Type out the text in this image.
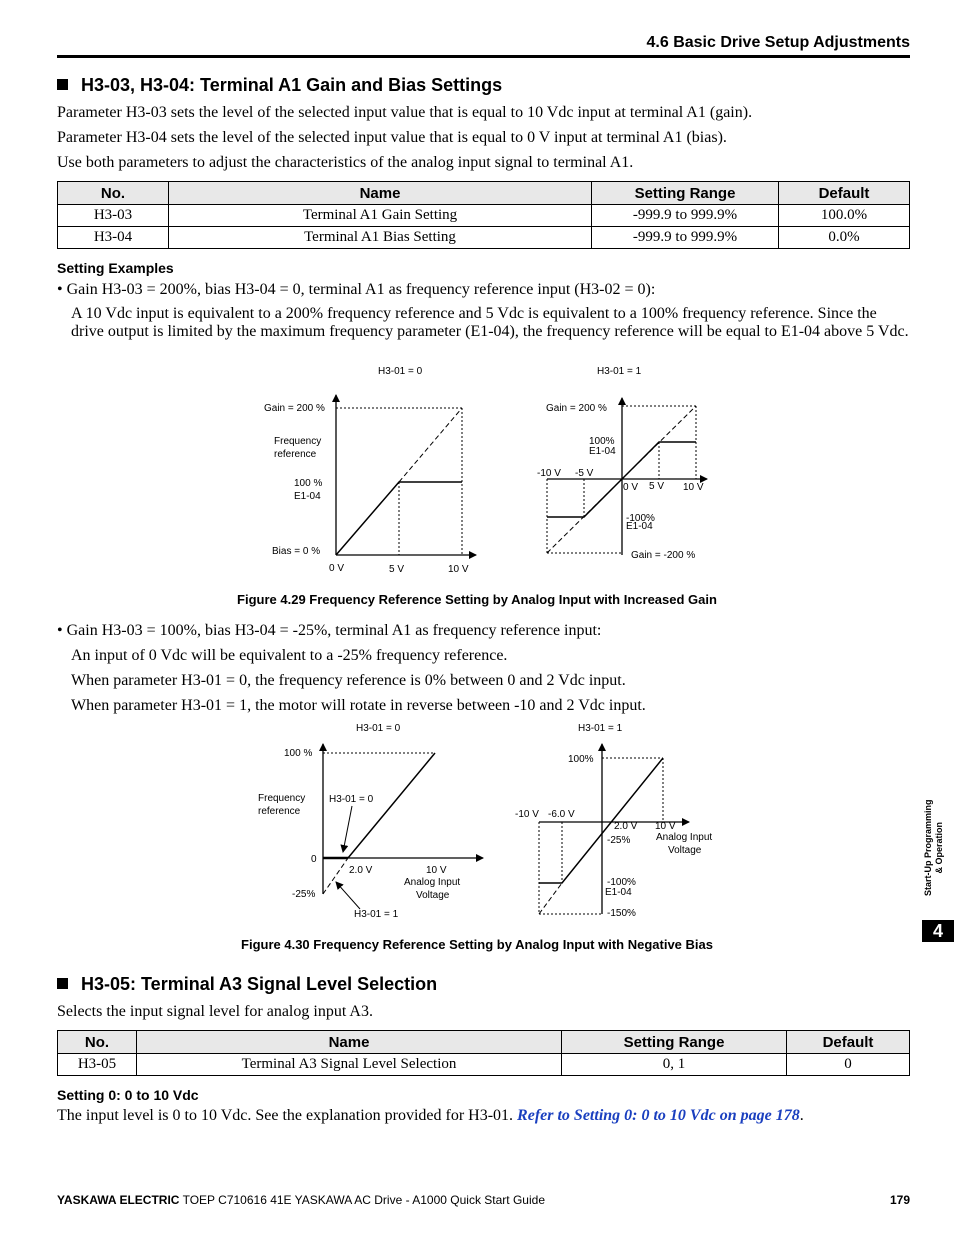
4.6 Basic Drive Setup Adjustments
H3-03, H3-04: Terminal A1 Gain and Bias Settings
Parameter H3-03 sets the level of the selected input value that is equal to 10 Vdc input at terminal A1 (gain).
Parameter H3-04 sets the level of the selected input value that is equal to 0 V input at terminal A1 (bias).
Use both parameters to adjust the characteristics of the analog input signal to terminal A1.
No.	Name	Setting Range	Default
H3-03	Terminal A1 Gain Setting	-999.9 to 999.9%	100.0%
H3-04	Terminal A1 Bias Setting	-999.9 to 999.9%	0.0%
Setting Examples
• Gain H3-03 = 200%, bias H3-04 = 0, terminal A1 as frequency reference input (H3-02 = 0):
A 10 Vdc input is equivalent to a 200% frequency reference and 5 Vdc is equivalent to a 100% frequency reference. Since the drive output is limited by the maximum frequency parameter (E1-04), the frequency reference will be equal to E1-04 above 5 Vdc.
H3-01 = 0
Gain = 200 %
Frequency
reference
100 %
E1-04
Bias = 0 %
0 V	5 V	10 V
H3-01 = 1
Gain = 200 %
100%
E1-04
-10 V -5 V
0 V 5 V 10 V
-100%
E1-04
Gain = -200 %
Figure 4.29 Frequency Reference Setting by Analog Input with Increased Gain
• Gain H3-03 = 100%, bias H3-04 = -25%, terminal A1 as frequency reference input:
An input of 0 Vdc will be equivalent to a -25% frequency reference.
When parameter H3-01 = 0, the frequency reference is 0% between 0 and 2 Vdc input.
When parameter H3-01 = 1, the motor will rotate in reverse between -10 and 2 Vdc input.
H3-01 = 0
100 %
Frequency
reference
H3-01 = 0
0
-25%
2.0 V	10 V
Analog Input
Voltage
H3-01 = 1
H3-01 = 1
100%
-10 V -6.0 V
2.0 V 10 V
-25%	Analog Input
Voltage
-100%
E1-04
-150%
Figure 4.30 Frequency Reference Setting by Analog Input with Negative Bias
H3-05: Terminal A3 Signal Level Selection
Selects the input signal level for analog input A3.
No.	Name	Setting Range	Default
H3-05	Terminal A3 Signal Level Selection	0, 1	0
Setting 0: 0 to 10 Vdc
The input level is 0 to 10 Vdc. See the explanation provided for H3-01. Refer to Setting 0: 0 to 10 Vdc on page 178.
Start-Up Programming
& Operation
4
YASKAWA ELECTRIC TOEP C710616 41E YASKAWA AC Drive - A1000 Quick Start Guide	179
